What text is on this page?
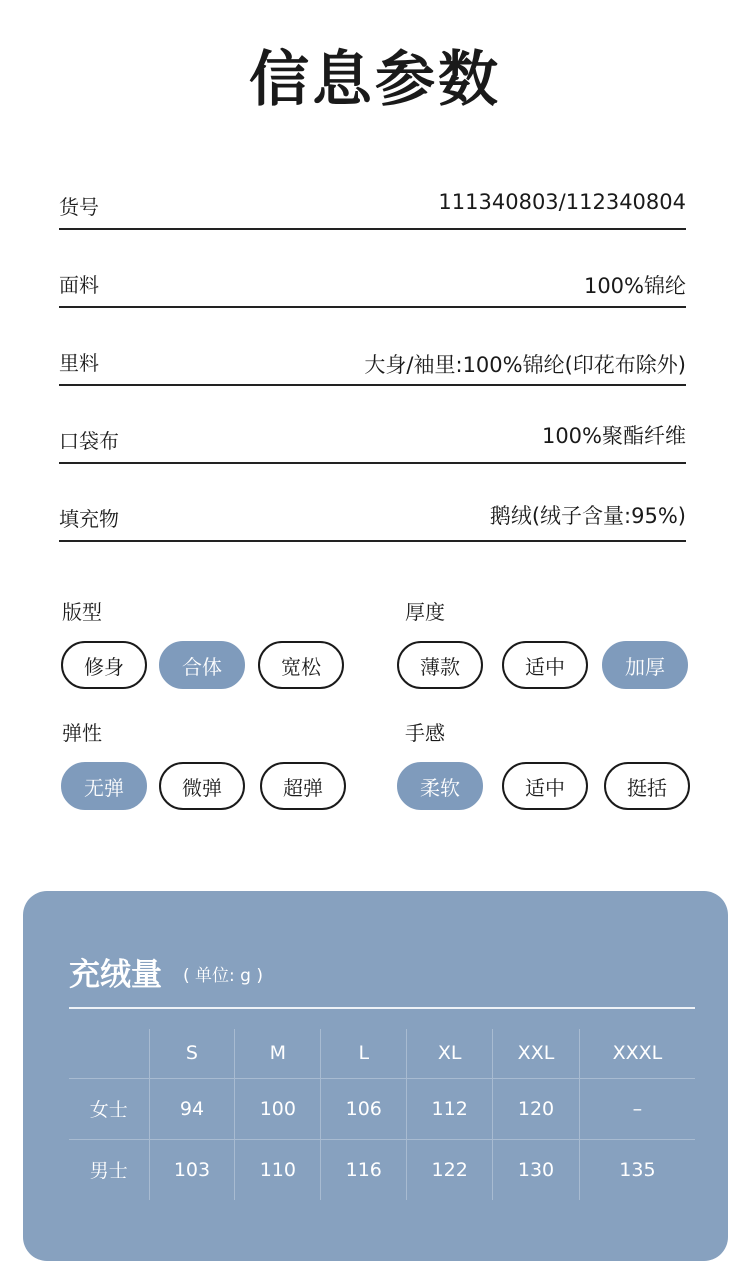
信息参数
货号	111340803/112340804
面料	100%锦纶
里料	大身/袖里:100%锦纶(印花布除外)
口袋布	100%聚酯纤维
填充物	鹅绒(绒子含量:95%)
版型
修身	合体	宽松
厚度
薄款	适中	加厚
弹性
无弹	微弹	超弹
手感
柔软	适中	挺括
充绒量 ( 单位: g )
	S	M	L	XL	XXL	XXXL
女士	94	100	106	112	120	–
男士	103	110	116	122	130	135
